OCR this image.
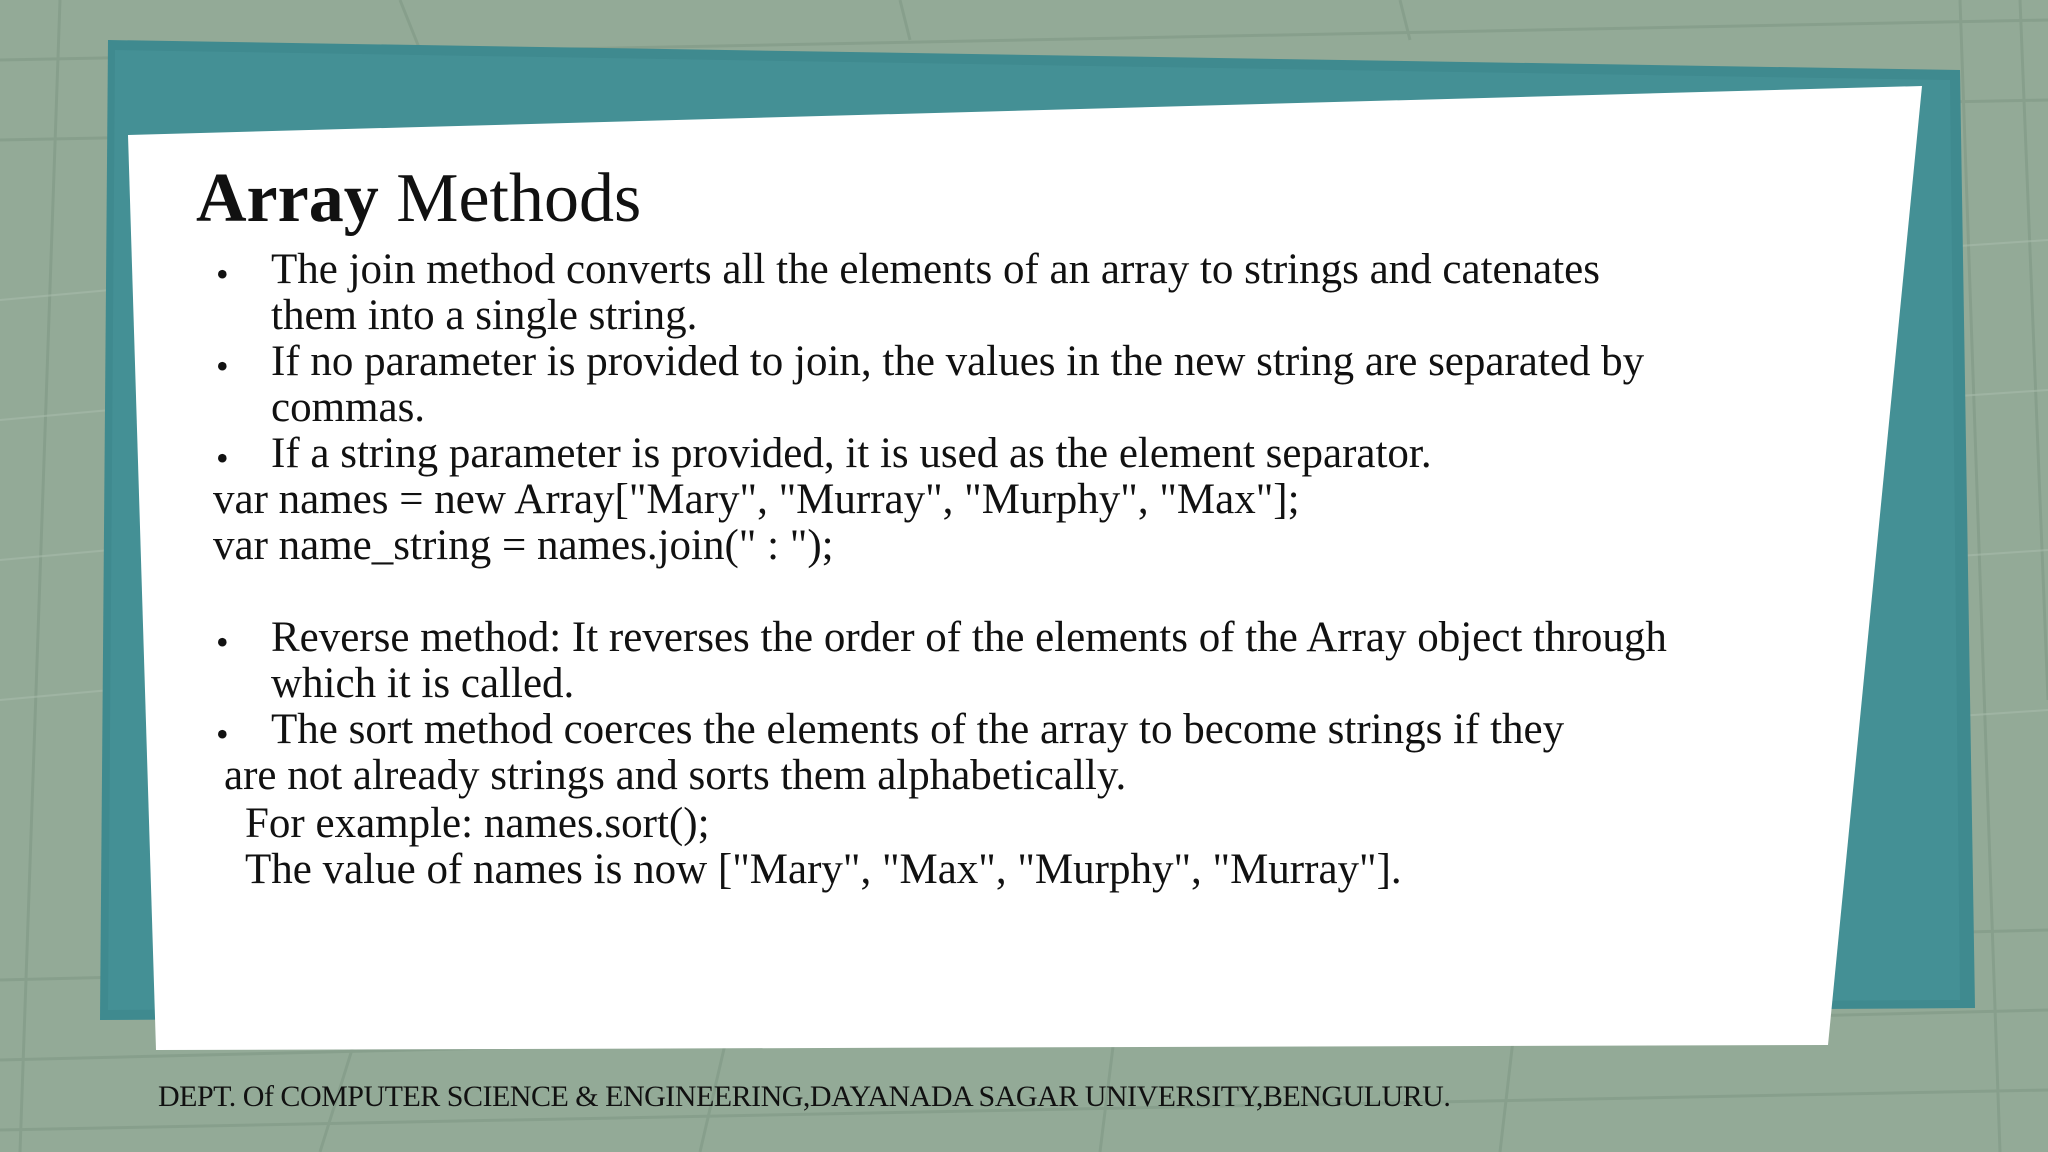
Array Methods
• The join method converts all the elements of an array to strings and catenates
them into a single string.
• If no parameter is provided to join, the values in the new string are separated by
commas.
• If a string parameter is provided, it is used as the element separator.
var names = new Array["Mary", "Murray", "Murphy", "Max"];
var name_string = names.join(" : ");
• Reverse method: It reverses the order of the elements of the Array object through
which it is called.
• The sort method coerces the elements of the array to become strings if they
are not already strings and sorts them alphabetically.
For example: names.sort();
The value of names is now ["Mary", "Max", "Murphy", "Murray"].
DEPT. Of COMPUTER SCIENCE & ENGINEERING,DAYANADA SAGAR UNIVERSITY,BENGULURU.
